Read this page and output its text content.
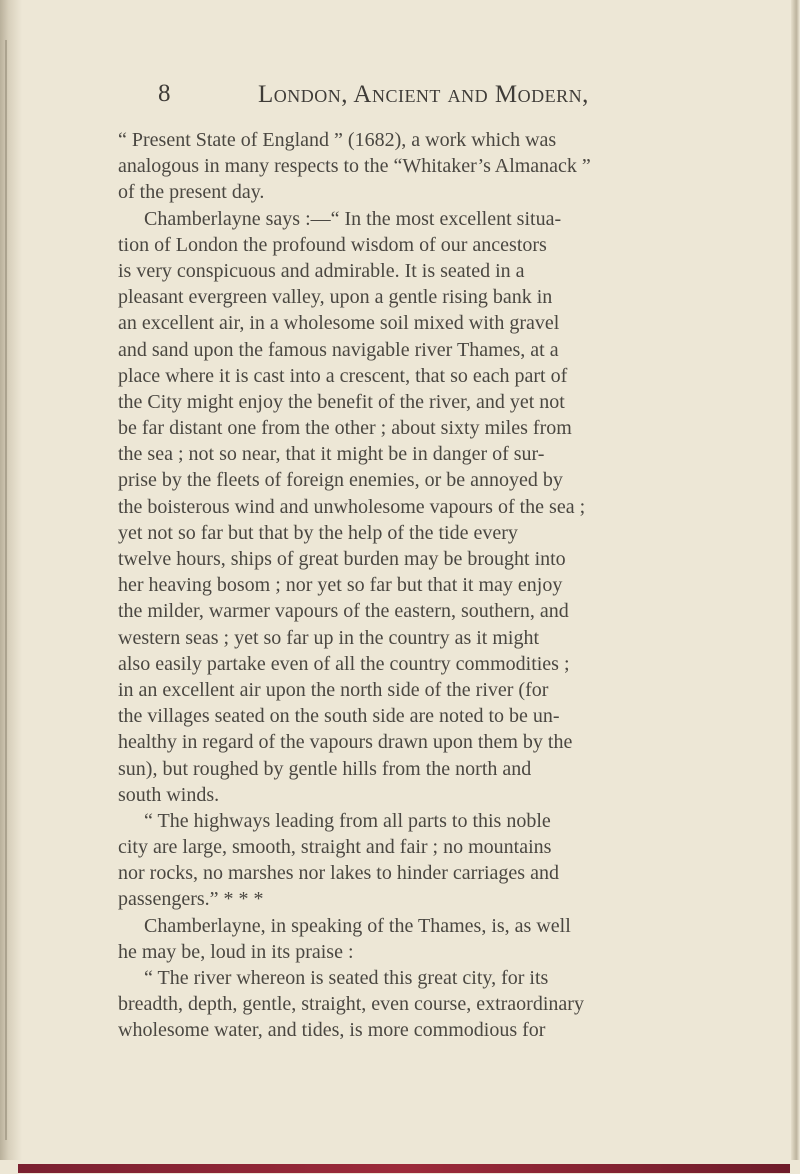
8	London, Ancient and Modern,
“ Present State of England ” (1682), a work which was
analogous in many respects to the “Whitaker’s Almanack ”
of the present day.
Chamberlayne says :—“ In the most excellent situa-
tion of London the profound wisdom of our ancestors
is very conspicuous and admirable. It is seated in a
pleasant evergreen valley, upon a gentle rising bank in
an excellent air, in a wholesome soil mixed with gravel
and sand upon the famous navigable river Thames, at a
place where it is cast into a crescent, that so each part of
the City might enjoy the benefit of the river, and yet not
be far distant one from the other ; about sixty miles from
the sea ; not so near, that it might be in danger of sur-
prise by the fleets of foreign enemies, or be annoyed by
the boisterous wind and unwholesome vapours of the sea ;
yet not so far but that by the help of the tide every
twelve hours, ships of great burden may be brought into
her heaving bosom ; nor yet so far but that it may enjoy
the milder, warmer vapours of the eastern, southern, and
western seas ; yet so far up in the country as it might
also easily partake even of all the country commodities ;
in an excellent air upon the north side of the river (for
the villages seated on the south side are noted to be un-
healthy in regard of the vapours drawn upon them by the
sun), but roughed by gentle hills from the north and
south winds.
“ The highways leading from all parts to this noble
city are large, smooth, straight and fair ; no mountains
nor rocks, no marshes nor lakes to hinder carriages and
passengers.” * * *
Chamberlayne, in speaking of the Thames, is, as well
he may be, loud in its praise :
“ The river whereon is seated this great city, for its
breadth, depth, gentle, straight, even course, extraordinary
wholesome water, and tides, is more commodious for
